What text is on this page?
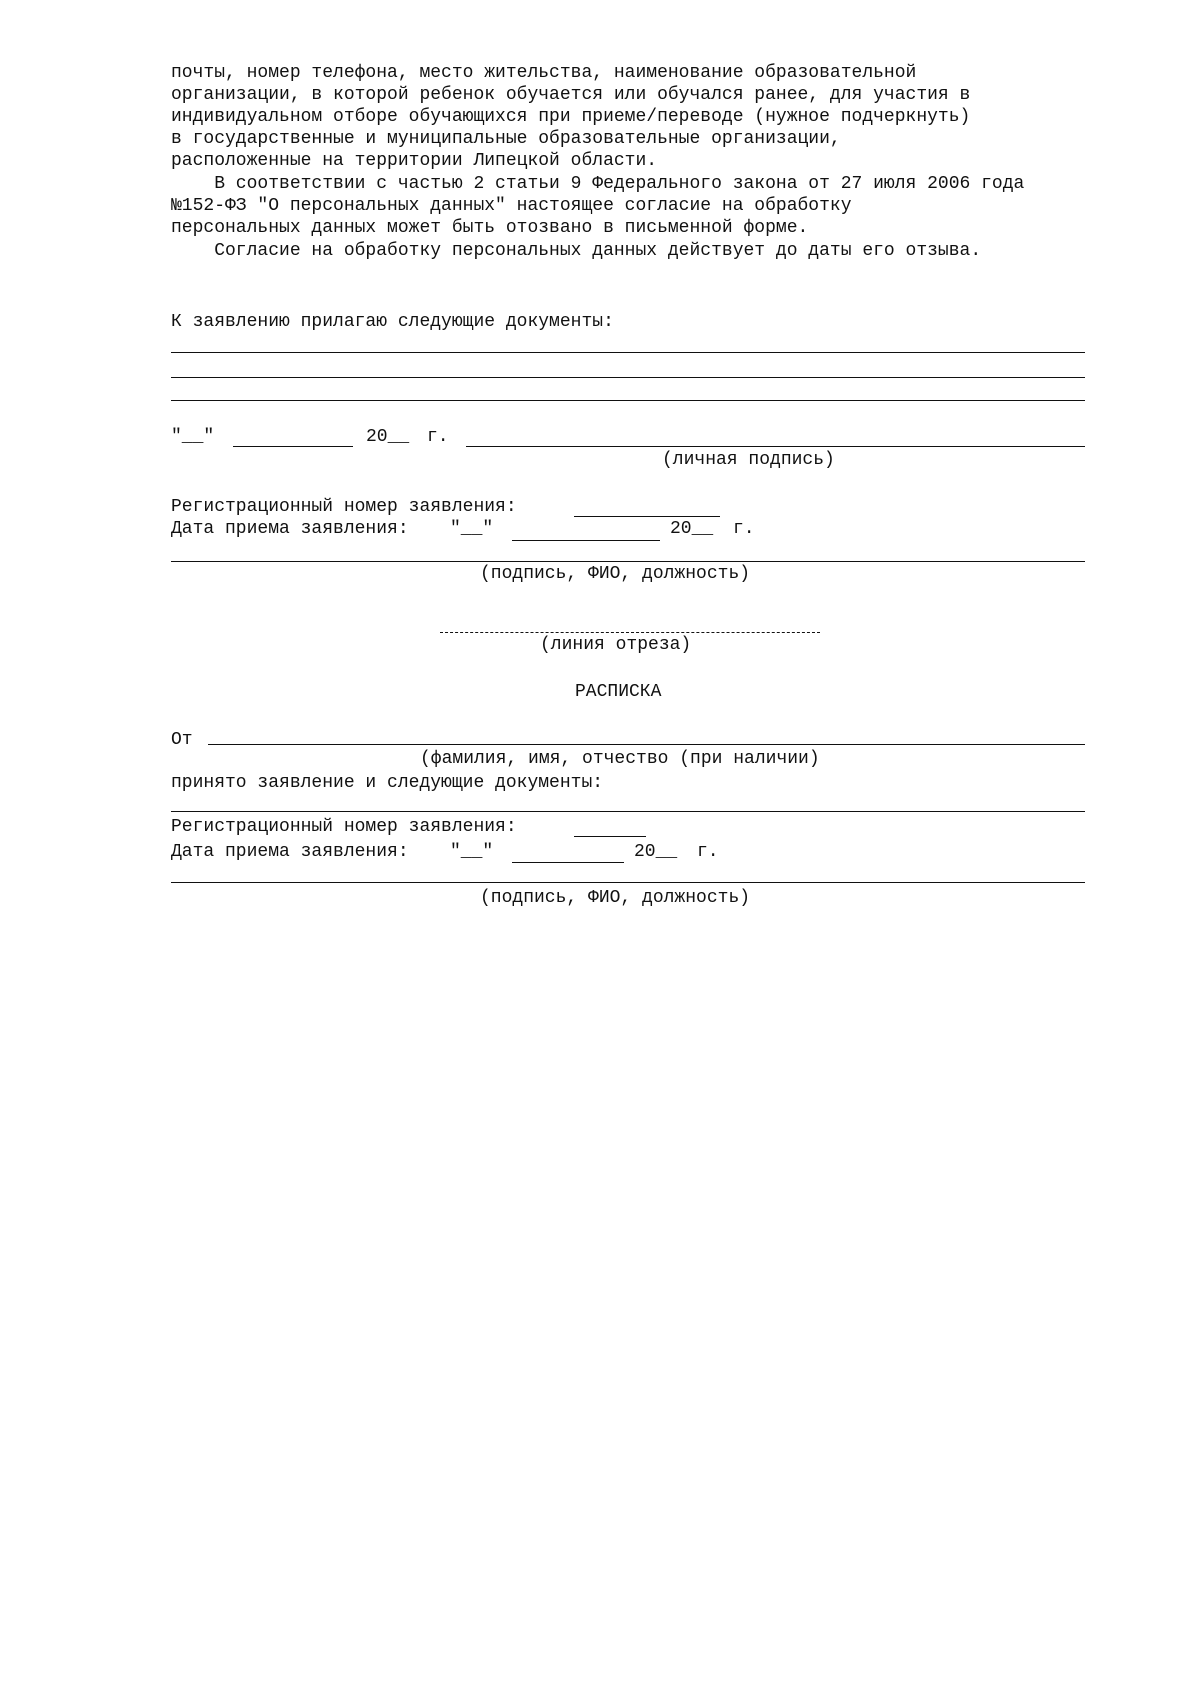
почты, номер телефона, место жительства, наименование образовательной
организации, в которой ребенок обучается или обучался ранее, для участия в
индивидуальном отборе обучающихся при приеме/переводе (нужное подчеркнуть)
в государственные и муниципальные образовательные организации,
расположенные на территории Липецкой области.
В соответствии с частью 2 статьи 9 Федерального закона от 27 июля 2006 года
№152-ФЗ "О персональных данных" настоящее согласие на обработку
персональных данных может быть отозвано в письменной форме.
Согласие на обработку персональных данных действует до даты его отзыва.
К заявлению прилагаю следующие документы:
"__"	20__ г.
(личная подпись)
Регистрационный номер заявления:
Дата приема заявления: "__"	20__ г.
(подпись, ФИО, должность)
(линия отреза)
РАСПИСКА
От
(фамилия, имя, отчество (при наличии)
принято заявление и следующие документы:
Регистрационный номер заявления:
Дата приема заявления: "__"	20__ г.
(подпись, ФИО, должность)
